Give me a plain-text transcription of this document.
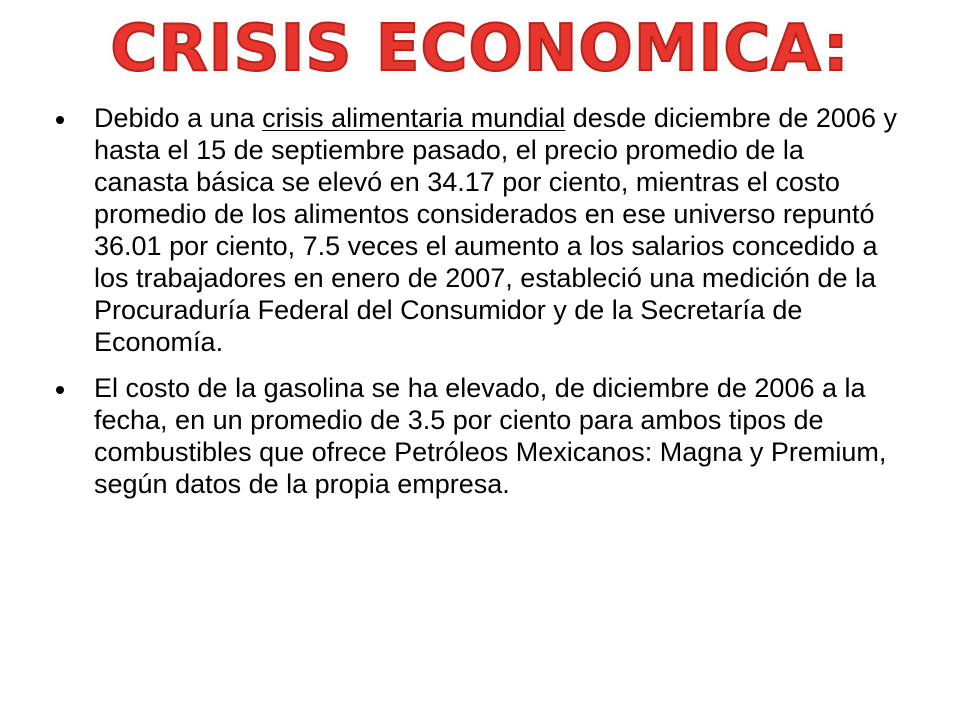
CRISIS ECONOMICA:
Debido a una crisis alimentaria mundial desde diciembre de 2006 y hasta el 15 de septiembre pasado, el precio promedio de la canasta básica se elevó en 34.17 por ciento, mientras el costo promedio de los alimentos considerados en ese universo repuntó 36.01 por ciento, 7.5 veces el aumento a los salarios concedido a los trabajadores en enero de 2007, estableció una medición de la Procuraduría Federal del Consumidor y de la Secretaría de Economía.
El costo de la gasolina se ha elevado, de diciembre de 2006 a la fecha, en un promedio de 3.5 por ciento para ambos tipos de combustibles que ofrece Petróleos Mexicanos: Magna y Premium, según datos de la propia empresa.
